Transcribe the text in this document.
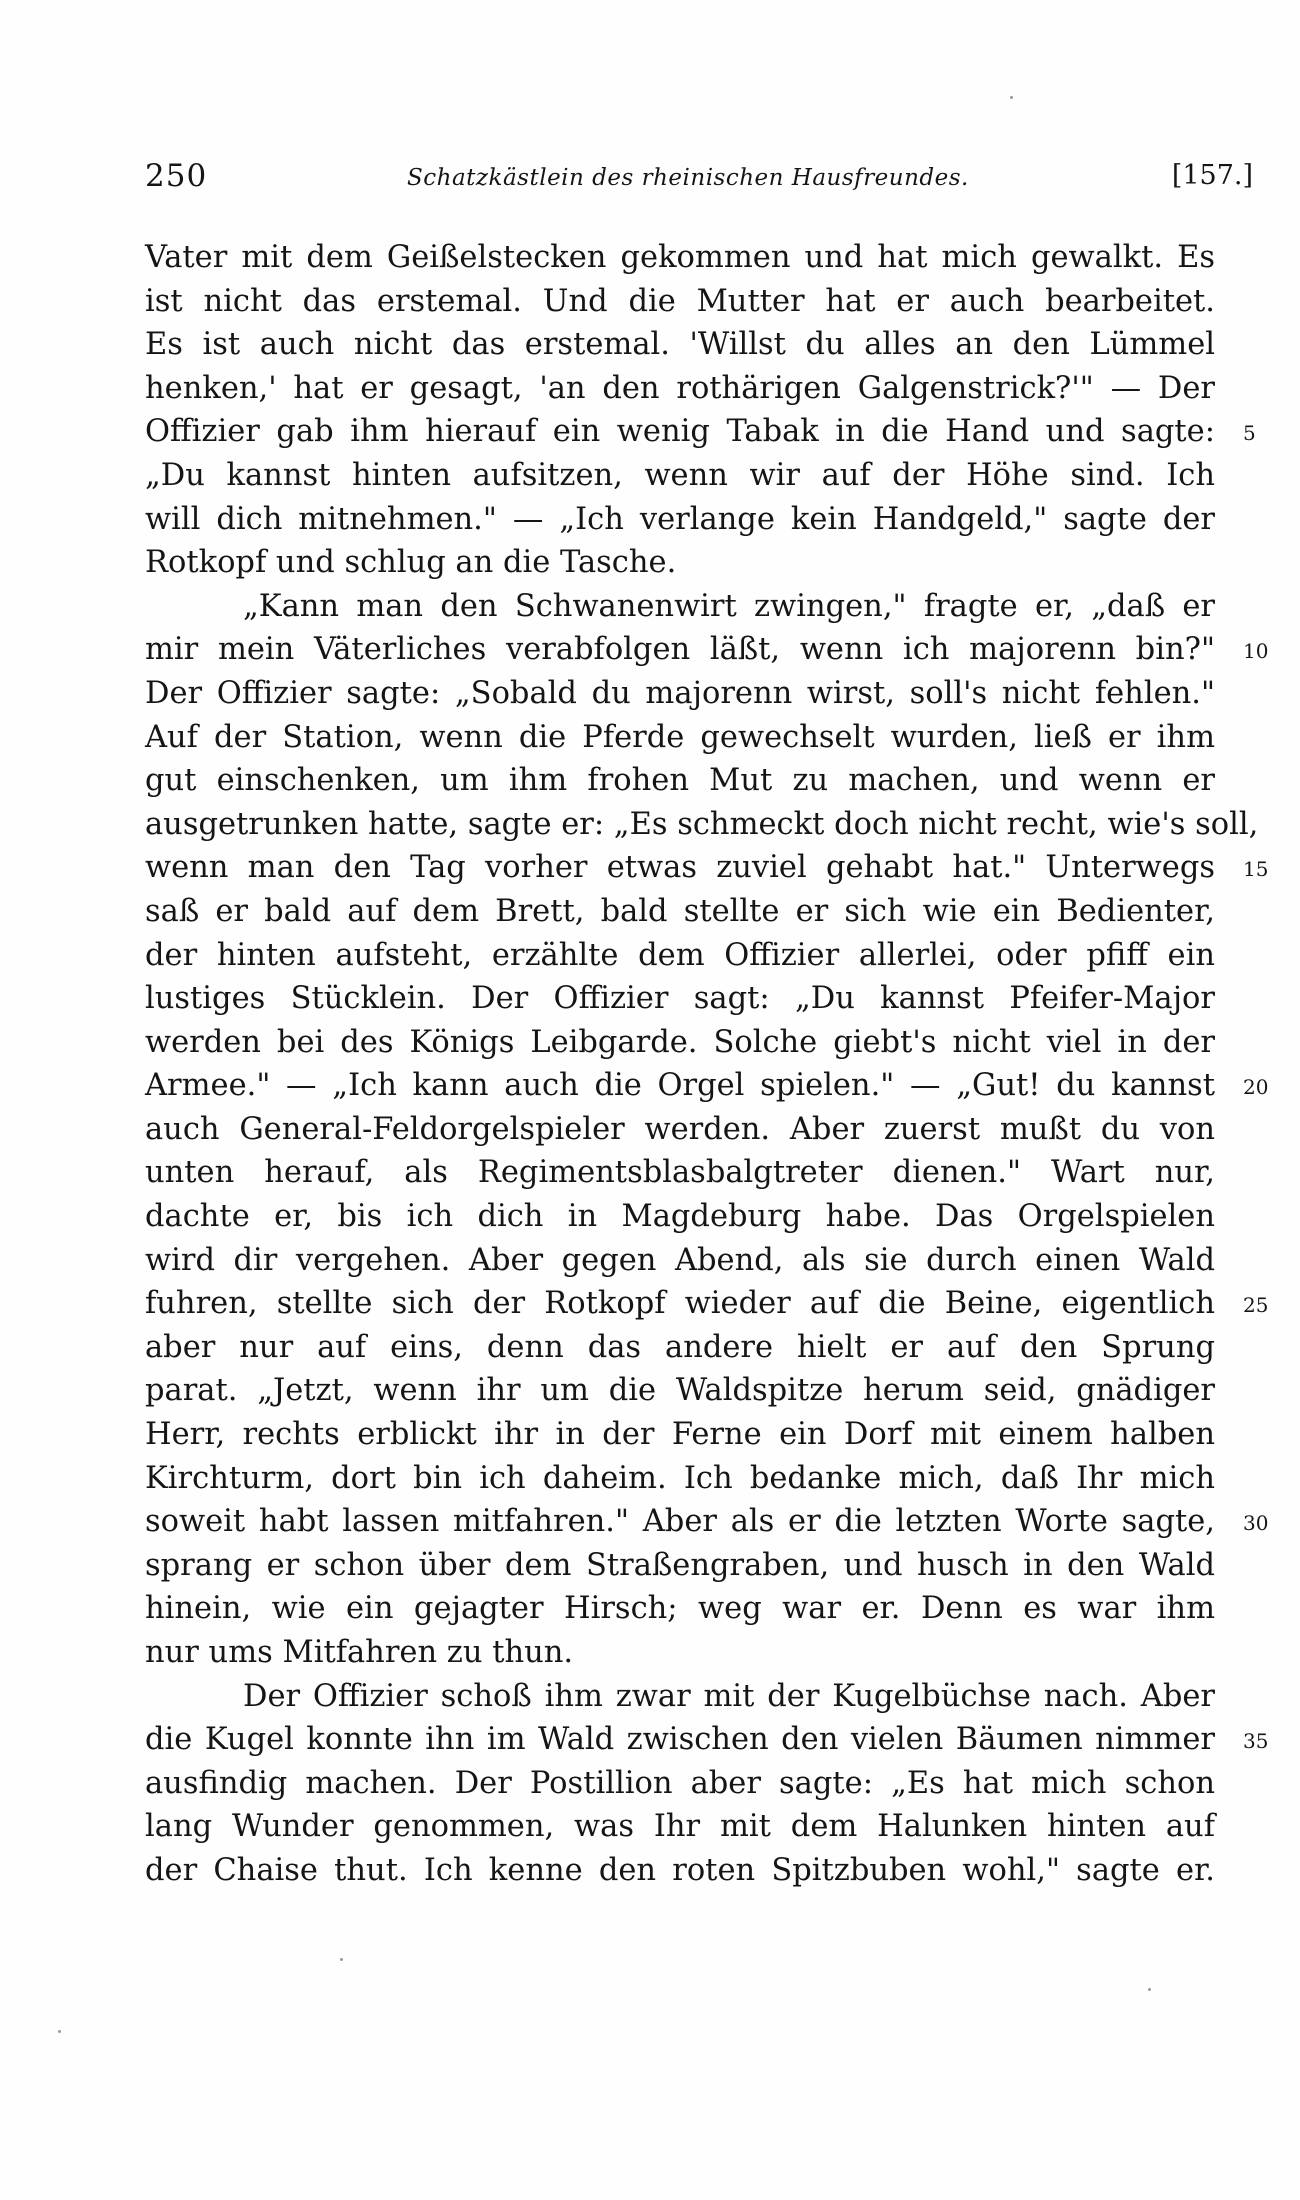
250	Schatzkästlein des rheinischen Hausfreundes.	[157.]
Vater mit dem Geißelstecken gekommen und hat mich gewalkt. Es
ist nicht das erstemal. Und die Mutter hat er auch bearbeitet.
Es ist auch nicht das erstemal. 'Willst du alles an den Lümmel
henken,' hat er gesagt, 'an den rothärigen Galgenstrick?'" — Der
Offizier gab ihm hierauf ein wenig Tabak in die Hand und sagte: 5
„Du kannst hinten aufsitzen, wenn wir auf der Höhe sind. Ich
will dich mitnehmen." — „Ich verlange kein Handgeld," sagte der
Rotkopf und schlug an die Tasche.
„Kann man den Schwanenwirt zwingen," fragte er, „daß er
mir mein Väterliches verabfolgen läßt, wenn ich majorenn bin?" 10
Der Offizier sagte: „Sobald du majorenn wirst, soll's nicht fehlen."
Auf der Station, wenn die Pferde gewechselt wurden, ließ er ihm
gut einschenken, um ihm frohen Mut zu machen, und wenn er
ausgetrunken hatte, sagte er: „Es schmeckt doch nicht recht, wie's soll,
wenn man den Tag vorher etwas zuviel gehabt hat." Unterwegs 15
saß er bald auf dem Brett, bald stellte er sich wie ein Bedienter,
der hinten aufsteht, erzählte dem Offizier allerlei, oder pfiff ein
lustiges Stücklein. Der Offizier sagt: „Du kannst Pfeifer-Major
werden bei des Königs Leibgarde. Solche giebt's nicht viel in der
Armee." — „Ich kann auch die Orgel spielen." — „Gut! du kannst 20
auch General-Feldorgelspieler werden. Aber zuerst mußt du von
unten herauf, als Regimentsblasbalgtreter dienen." Wart nur,
dachte er, bis ich dich in Magdeburg habe. Das Orgelspielen
wird dir vergehen. Aber gegen Abend, als sie durch einen Wald
fuhren, stellte sich der Rotkopf wieder auf die Beine, eigentlich 25
aber nur auf eins, denn das andere hielt er auf den Sprung
parat. „Jetzt, wenn ihr um die Waldspitze herum seid, gnädiger
Herr, rechts erblickt ihr in der Ferne ein Dorf mit einem halben
Kirchturm, dort bin ich daheim. Ich bedanke mich, daß Ihr mich
soweit habt lassen mitfahren." Aber als er die letzten Worte sagte, 30
sprang er schon über dem Straßengraben, und husch in den Wald
hinein, wie ein gejagter Hirsch; weg war er. Denn es war ihm
nur ums Mitfahren zu thun.
Der Offizier schoß ihm zwar mit der Kugelbüchse nach. Aber
die Kugel konnte ihn im Wald zwischen den vielen Bäumen nimmer 35
ausfindig machen. Der Postillion aber sagte: „Es hat mich schon
lang Wunder genommen, was Ihr mit dem Halunken hinten auf
der Chaise thut. Ich kenne den roten Spitzbuben wohl," sagte er.
